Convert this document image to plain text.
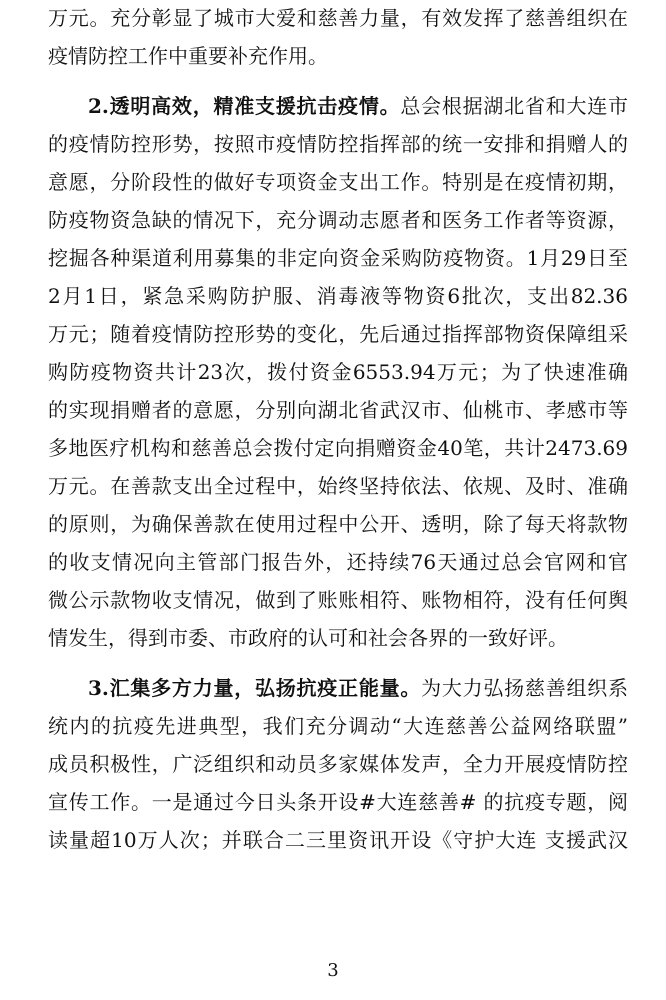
万元。充分彰显了城市大爱和慈善力量，有效发挥了慈善组织在
疫情防控工作中重要补充作用。
2.透明高效，精准支援抗击疫情。总会根据湖北省和大连市
的疫情防控形势，按照市疫情防控指挥部的统一安排和捐赠人的
意愿，分阶段性的做好专项资金支出工作。特别是在疫情初期，
防疫物资急缺的情况下，充分调动志愿者和医务工作者等资源，
挖掘各种渠道利用募集的非定向资金采购防疫物资。1月29日至
2月1日，紧急采购防护服、消毒液等物资6批次，支出82.36
万元；随着疫情防控形势的变化，先后通过指挥部物资保障组采
购防疫物资共计23次，拨付资金6553.94万元；为了快速准确
的实现捐赠者的意愿，分别向湖北省武汉市、仙桃市、孝感市等
多地医疗机构和慈善总会拨付定向捐赠资金40笔，共计2473.69
万元。在善款支出全过程中，始终坚持依法、依规、及时、准确
的原则，为确保善款在使用过程中公开、透明，除了每天将款物
的收支情况向主管部门报告外，还持续76天通过总会官网和官
微公示款物收支情况，做到了账账相符、账物相符，没有任何舆
情发生，得到市委、市政府的认可和社会各界的一致好评。
3.汇集多方力量，弘扬抗疫正能量。为大力弘扬慈善组织系
统内的抗疫先进典型，我们充分调动“大连慈善公益网络联盟”
成员积极性，广泛组织和动员多家媒体发声，全力开展疫情防控
宣传工作。一是通过今日头条开设#大连慈善# 的抗疫专题，阅
读量超10万人次；并联合二三里资讯开设《守护大连 支援武汉
3
